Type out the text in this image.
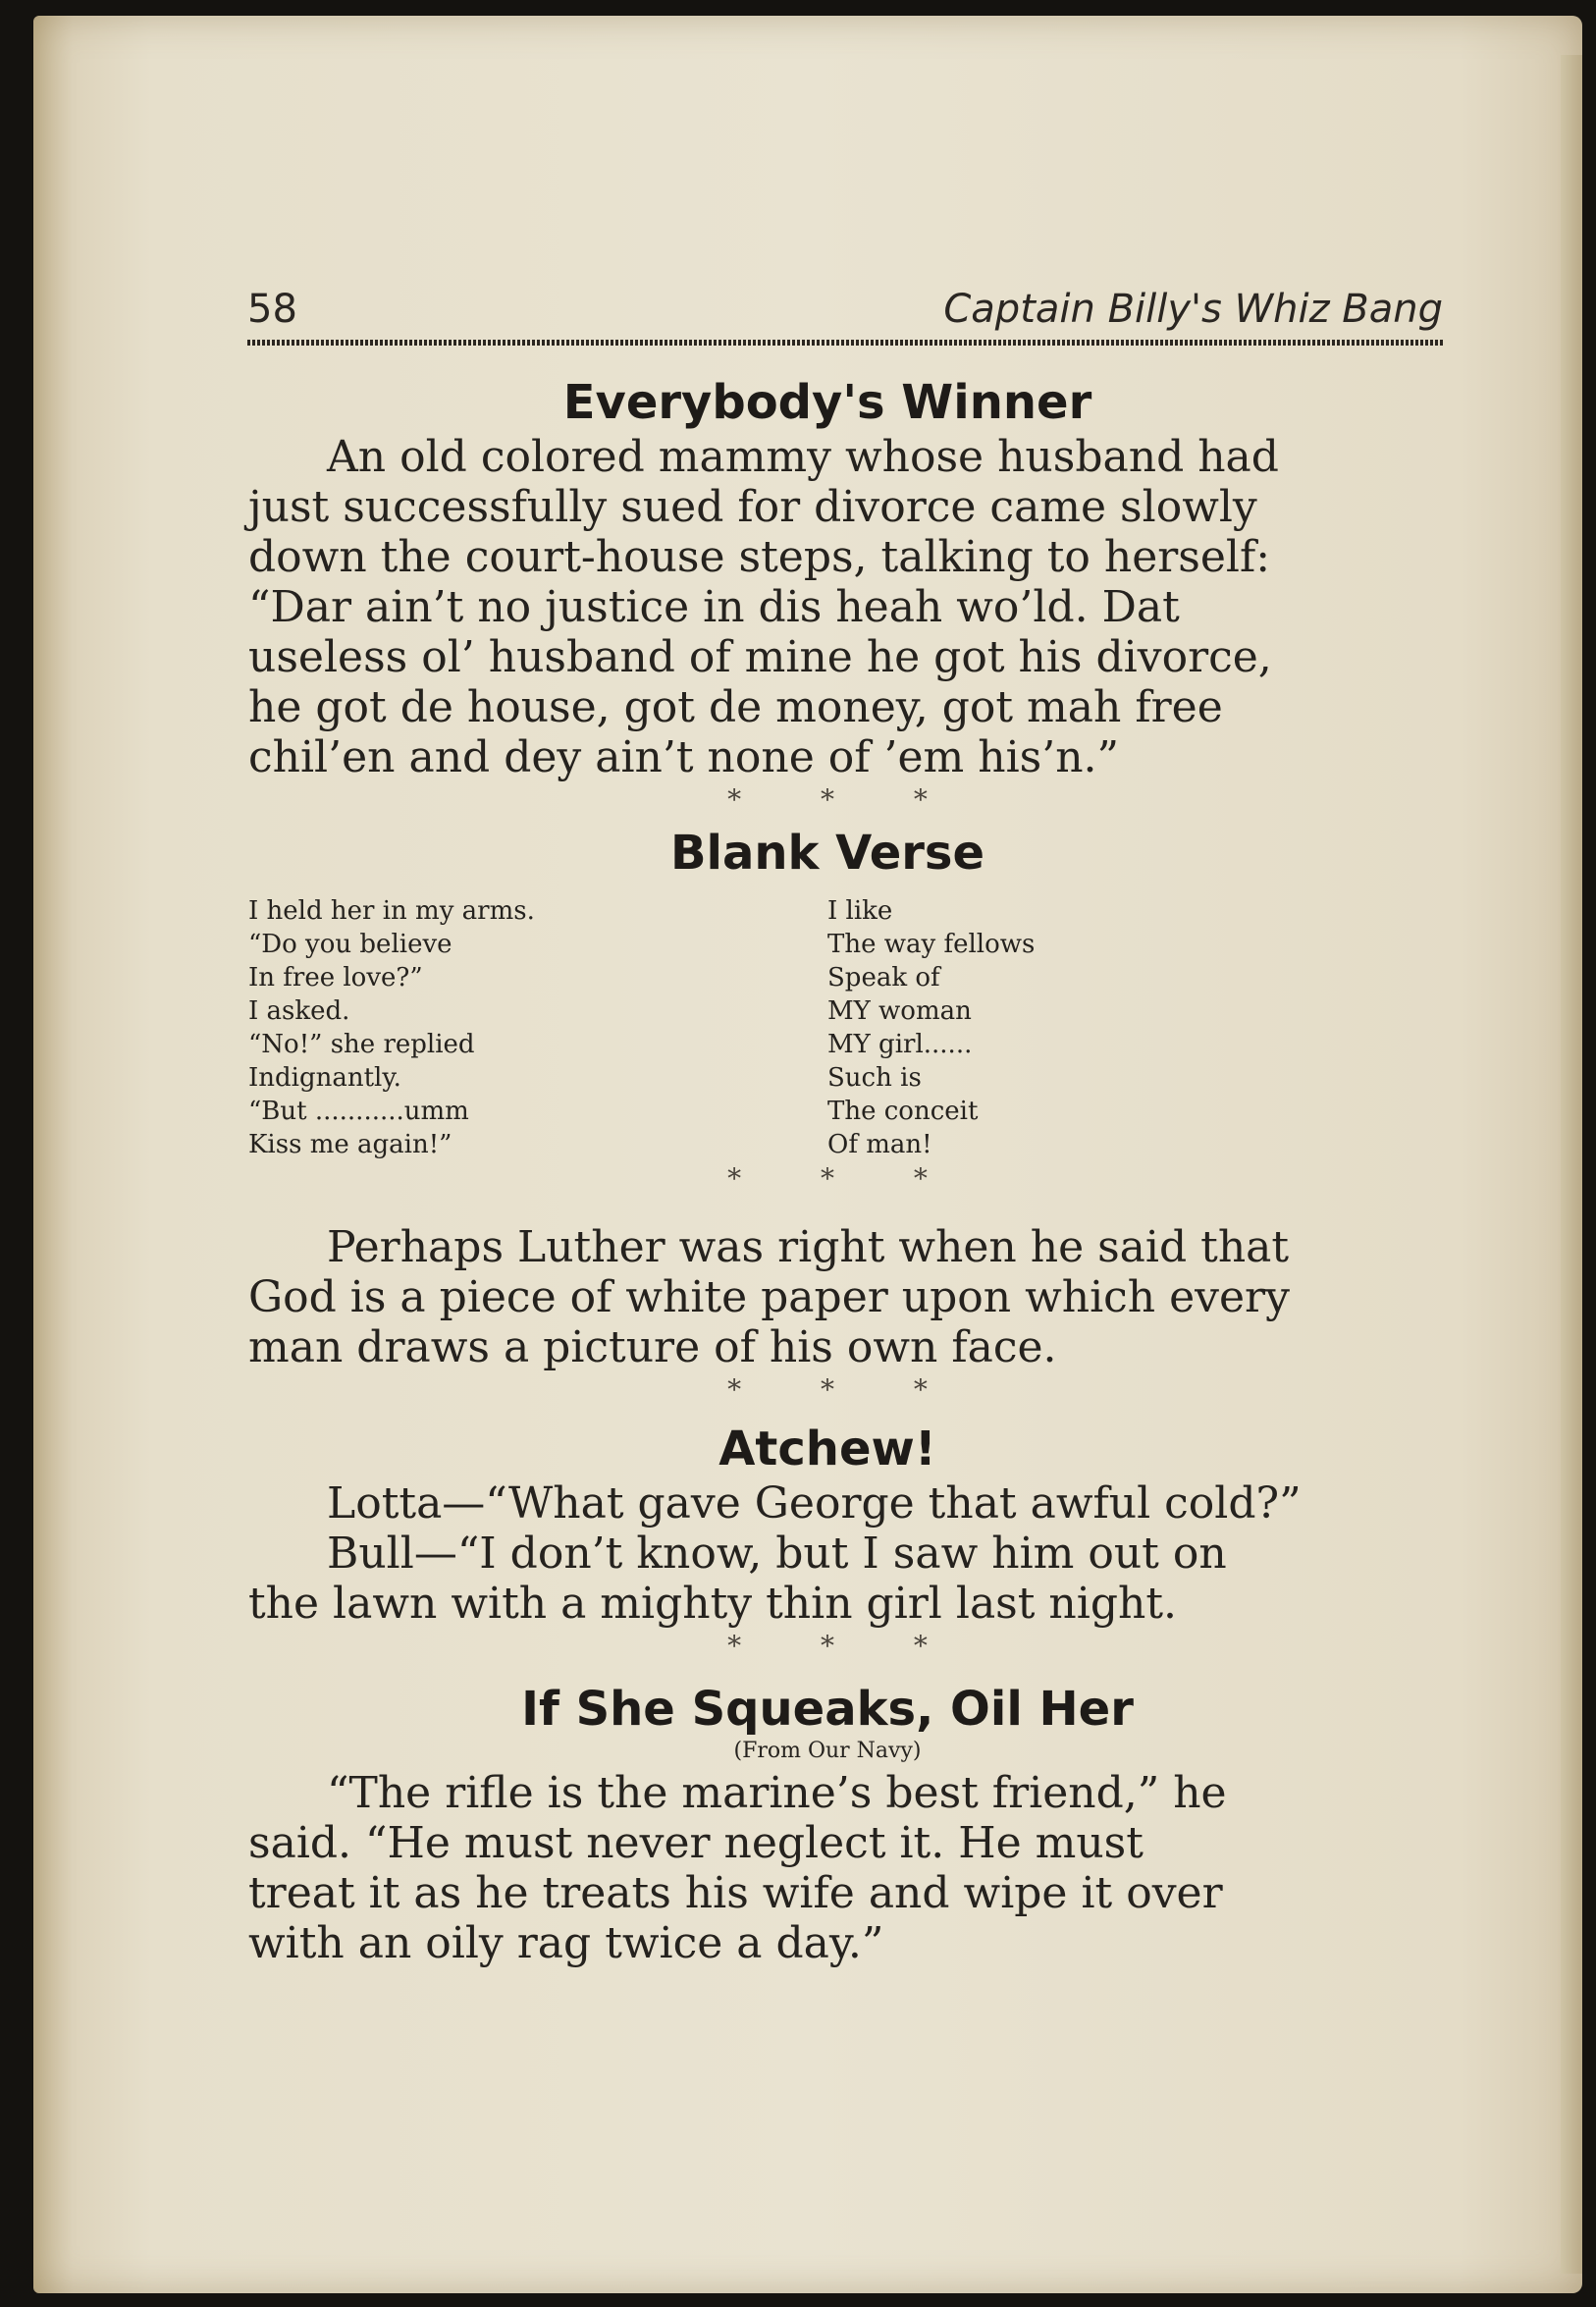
58	Captain Billy's Whiz Bang
Everybody's Winner

An old colored mammy whose husband had
just successfully sued for divorce came slowly
down the court-house steps, talking to herself:
“Dar ain’t no justice in dis heah wo’ld. Dat
useless ol’ husband of mine he got his divorce,
he got de house, got de money, got mah free
chil’en and dey ain’t none of ’em his’n.”

* * *

Blank Verse
I held her in my arms.
“Do you believe
In free love?”
I asked.
“No!” she replied
Indignantly.
“But ...........umm
Kiss me again!”
I like
The way fellows
Speak of
MY woman
MY girl......
Such is
The conceit
Of man!

* * *

Perhaps Luther was right when he said that
God is a piece of white paper upon which every
man draws a picture of his own face.

* * *

Atchew!

Lotta—“What gave George that awful cold?”
Bull—“I don’t know, but I saw him out on
the lawn with a mighty thin girl last night.

* * *

If She Squeaks, Oil Her

(From Our Navy)

“The rifle is the marine’s best friend,” he
said. “He must never neglect it. He must
treat it as he treats his wife and wipe it over
with an oily rag twice a day.”
